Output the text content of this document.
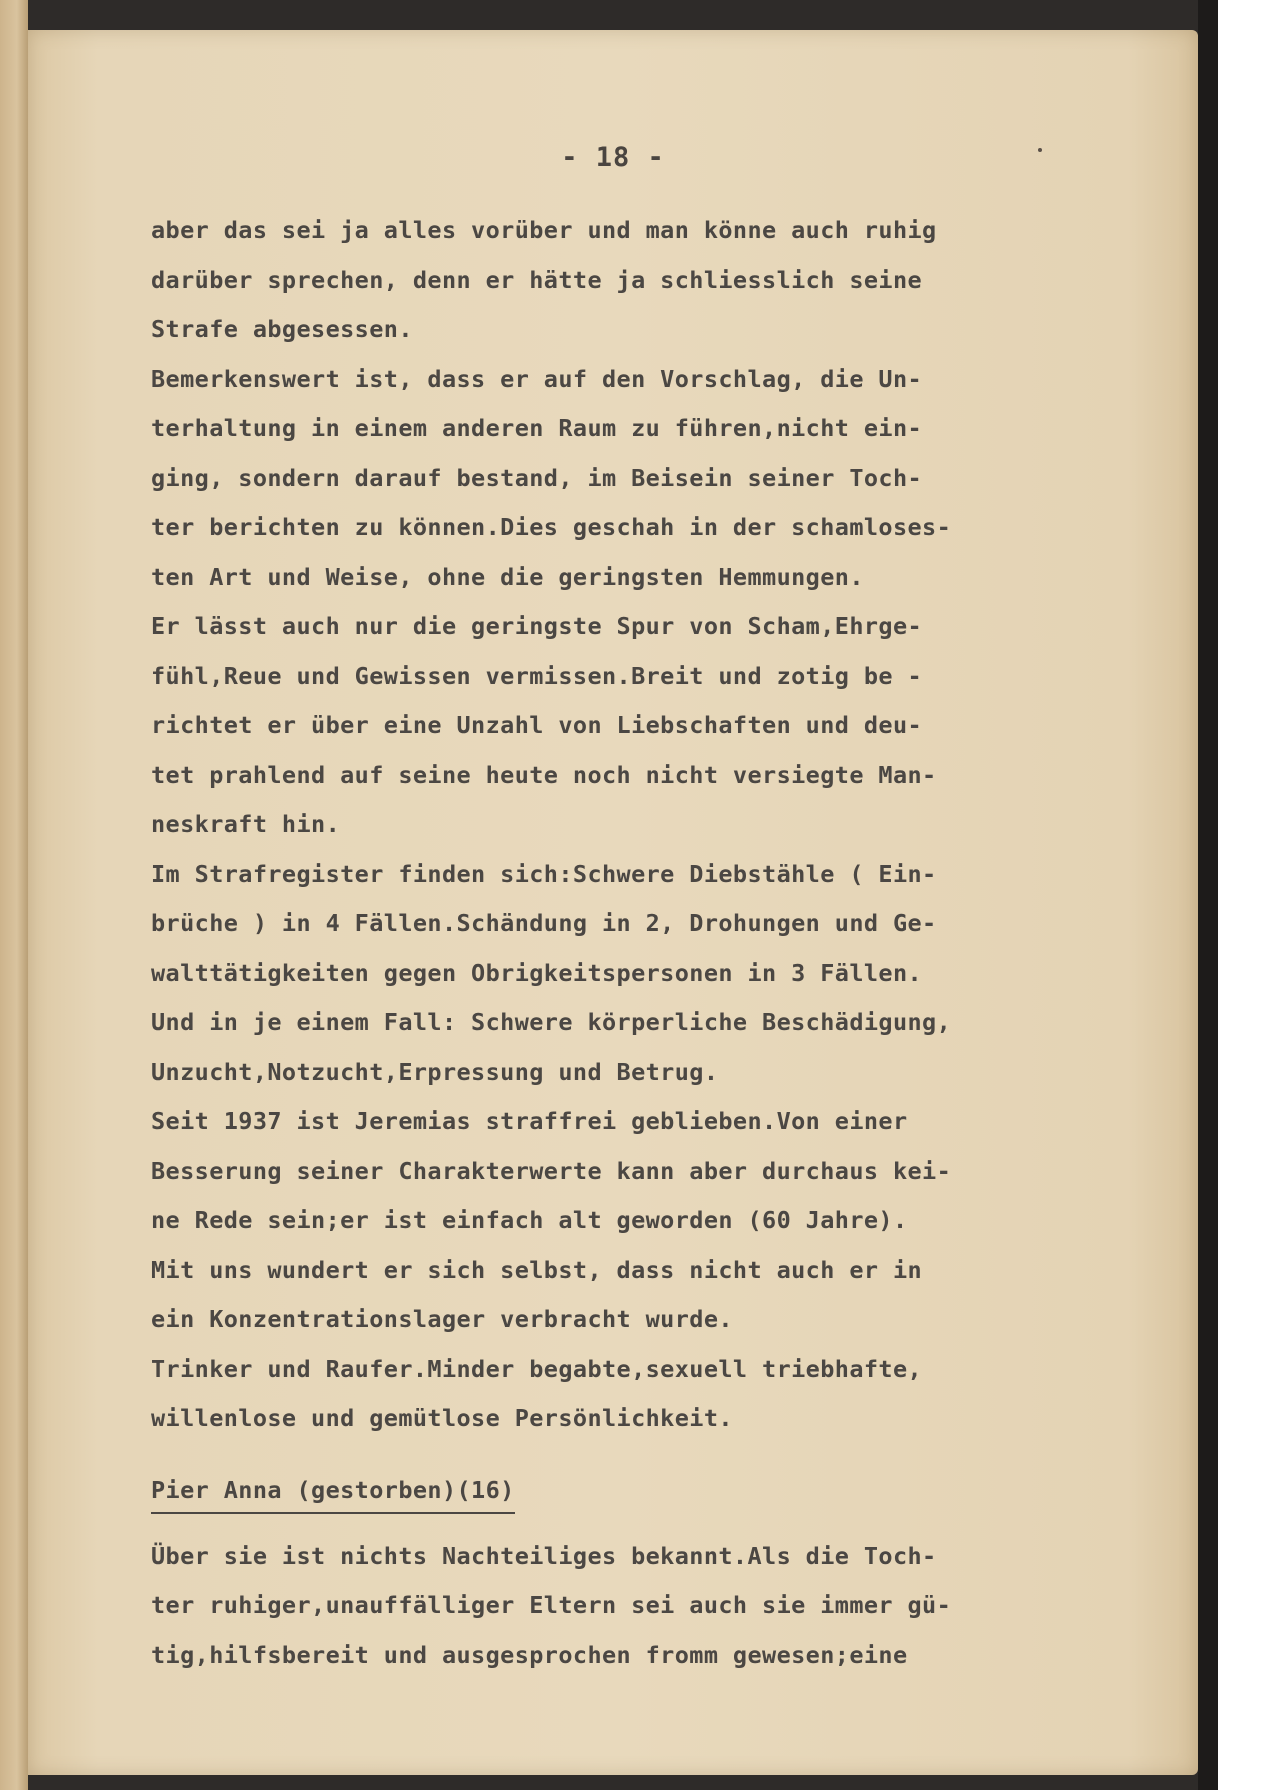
- 18 -
aber das sei ja alles vorüber und man könne auch ruhig
darüber sprechen, denn er hätte ja schliesslich seine
Strafe abgesessen.
Bemerkenswert ist, dass er auf den Vorschlag, die Un-
terhaltung in einem anderen Raum zu führen,nicht ein-
ging, sondern darauf bestand, im Beisein seiner Toch-
ter berichten zu können.Dies geschah in der schamloses-
ten Art und Weise, ohne die geringsten Hemmungen.
Er lässt auch nur die geringste Spur von Scham,Ehrge-
fühl,Reue und Gewissen vermissen.Breit und zotig be -
richtet er über eine Unzahl von Liebschaften und deu-
tet prahlend auf seine heute noch nicht versiegte Man-
neskraft hin.
Im Strafregister finden sich:Schwere Diebstähle ( Ein-
brüche ) in 4 Fällen.Schändung in 2, Drohungen und Ge-
walttätigkeiten gegen Obrigkeitspersonen in 3 Fällen.
Und in je einem Fall: Schwere körperliche Beschädigung,
Unzucht,Notzucht,Erpressung und Betrug.
Seit 1937 ist Jeremias straffrei geblieben.Von einer
Besserung seiner Charakterwerte kann aber durchaus kei-
ne Rede sein;er ist einfach alt geworden (60 Jahre).
Mit uns wundert er sich selbst, dass nicht auch er in
ein Konzentrationslager verbracht wurde.
Trinker und Raufer.Minder begabte,sexuell triebhafte,
willenlose und gemütlose Persönlichkeit.
Pier Anna (gestorben)(16)
Über sie ist nichts Nachteiliges bekannt.Als die Toch-
ter ruhiger,unauffälliger Eltern sei auch sie immer gü-
tig,hilfsbereit und ausgesprochen fromm gewesen;eine
